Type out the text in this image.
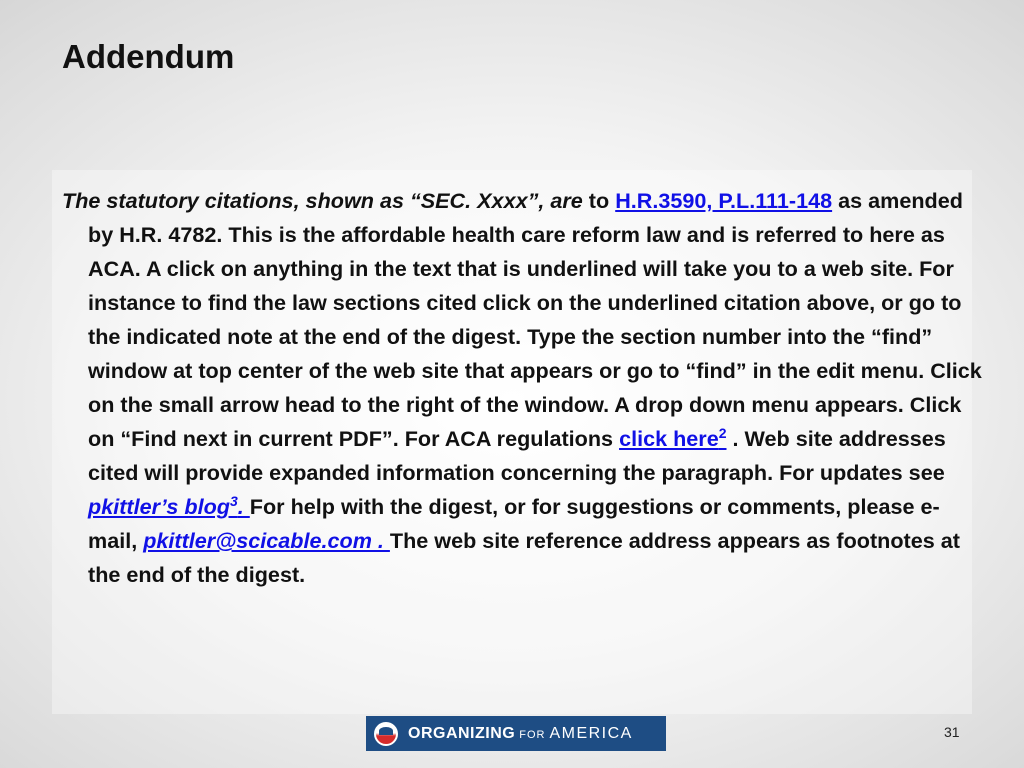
Addendum

The statutory citations, shown as “SEC. Xxxx”, are to H.R.3590, P.L.111-148 as amended by H.R. 4782. This is the affordable health care reform law and is referred to here as ACA. A click on anything in the text that is underlined will take you to a web site. For instance to find the law sections cited click on the underlined citation above, or go to the indicated note at the end of the digest. Type the section number into the “find” window at top center of the web site that appears or go to “find” in the edit menu. Click on the small arrow head to the right of the window. A drop down menu appears. Click on “Find next in current PDF”. For ACA regulations click here$^2$ . Web site addresses cited will provide expanded information concerning the paragraph. For updates see pkittler’s blog$^3$. For help with the digest, or for suggestions or comments, please e-mail, pkittler@scicable.com . The web site reference address appears as footnotes at the end of the digest.

ORGANIZING FOR AMERICA	31
